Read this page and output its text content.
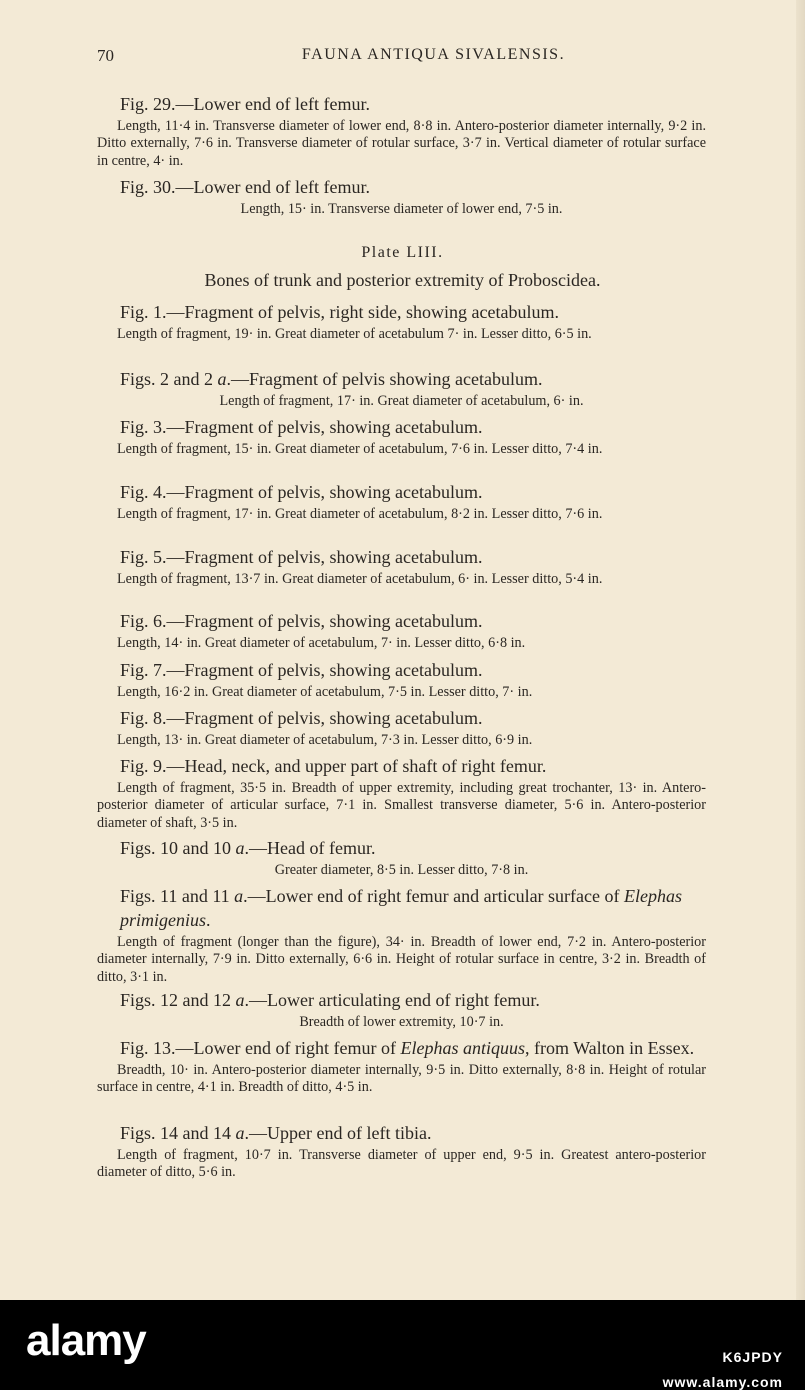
70	FAUNA ANTIQUA SIVALENSIS.
Fig. 29.—Lower end of left femur.
Length, 11·4 in. Transverse diameter of lower end, 8·8 in. Antero-posterior diameter internally, 9·2 in. Ditto externally, 7·6 in. Transverse diameter of rotular surface, 3·7 in. Vertical diameter of rotular surface in centre, 4· in.
Fig. 30.—Lower end of left femur.
Length, 15· in. Transverse diameter of lower end, 7·5 in.
Plate LIII.
Bones of trunk and posterior extremity of Proboscidea.
Fig. 1.—Fragment of pelvis, right side, showing acetabulum.
Length of fragment, 19· in. Great diameter of acetabulum 7· in. Lesser ditto, 6·5 in.
Figs. 2 and 2 a.—Fragment of pelvis showing acetabulum.
Length of fragment, 17· in. Great diameter of acetabulum, 6· in.
Fig. 3.—Fragment of pelvis, showing acetabulum.
Length of fragment, 15· in. Great diameter of acetabulum, 7·6 in. Lesser ditto, 7·4 in.
Fig. 4.—Fragment of pelvis, showing acetabulum.
Length of fragment, 17· in. Great diameter of acetabulum, 8·2 in. Lesser ditto, 7·6 in.
Fig. 5.—Fragment of pelvis, showing acetabulum.
Length of fragment, 13·7 in. Great diameter of acetabulum, 6· in. Lesser ditto, 5·4 in.
Fig. 6.—Fragment of pelvis, showing acetabulum.
Length, 14· in. Great diameter of acetabulum, 7· in. Lesser ditto, 6·8 in.
Fig. 7.—Fragment of pelvis, showing acetabulum.
Length, 16·2 in. Great diameter of acetabulum, 7·5 in. Lesser ditto, 7· in.
Fig. 8.—Fragment of pelvis, showing acetabulum.
Length, 13· in. Great diameter of acetabulum, 7·3 in. Lesser ditto, 6·9 in.
Fig. 9.—Head, neck, and upper part of shaft of right femur.
Length of fragment, 35·5 in. Breadth of upper extremity, including great trochanter, 13· in. Antero-posterior diameter of articular surface, 7·1 in. Smallest transverse diameter, 5·6 in. Antero-posterior diameter of shaft, 3·5 in.
Figs. 10 and 10 a.—Head of femur.
Greater diameter, 8·5 in. Lesser ditto, 7·8 in.
Figs. 11 and 11 a.—Lower end of right femur and articular surface of Elephas primigenius.
Length of fragment (longer than the figure), 34· in. Breadth of lower end, 7·2 in. Antero-posterior diameter internally, 7·9 in. Ditto externally, 6·6 in. Height of rotular surface in centre, 3·2 in. Breadth of ditto, 3·1 in.
Figs. 12 and 12 a.—Lower articulating end of right femur.
Breadth of lower extremity, 10·7 in.
Fig. 13.—Lower end of right femur of Elephas antiquus, from Walton in Essex.
Breadth, 10· in. Antero-posterior diameter internally, 9·5 in. Ditto externally, 8·8 in. Height of rotular surface in centre, 4·1 in. Breadth of ditto, 4·5 in.
Figs. 14 and 14 a.—Upper end of left tibia.
Length of fragment, 10·7 in. Transverse diameter of upper end, 9·5 in. Greatest antero-posterior diameter of ditto, 5·6 in.
alamy	K6JPDY
www.alamy.com
